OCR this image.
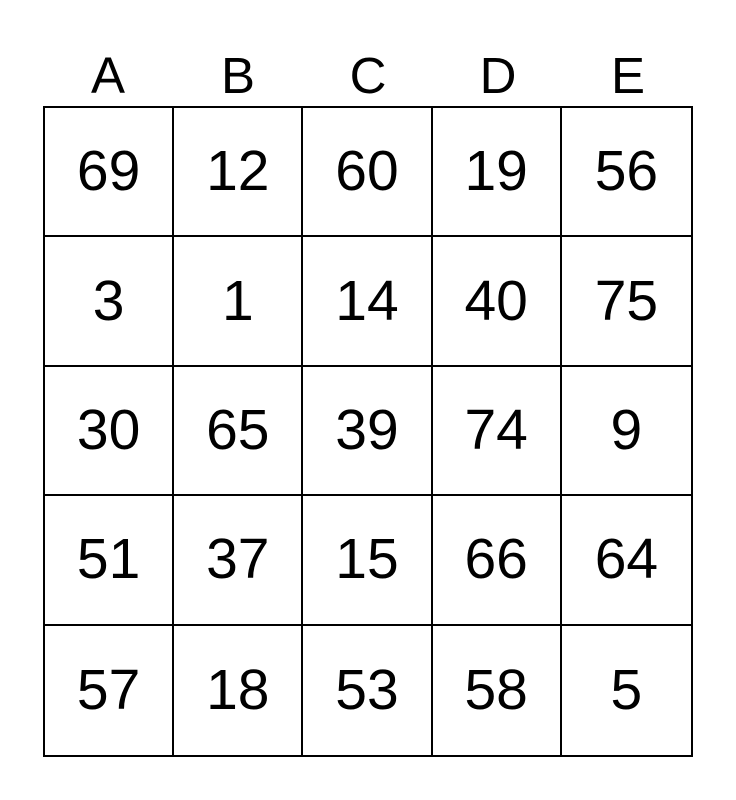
A	B	C	D	E
69	12	60	19	56
3	1	14	40	75
30	65	39	74	9
51	37	15	66	64
57	18	53	58	5
